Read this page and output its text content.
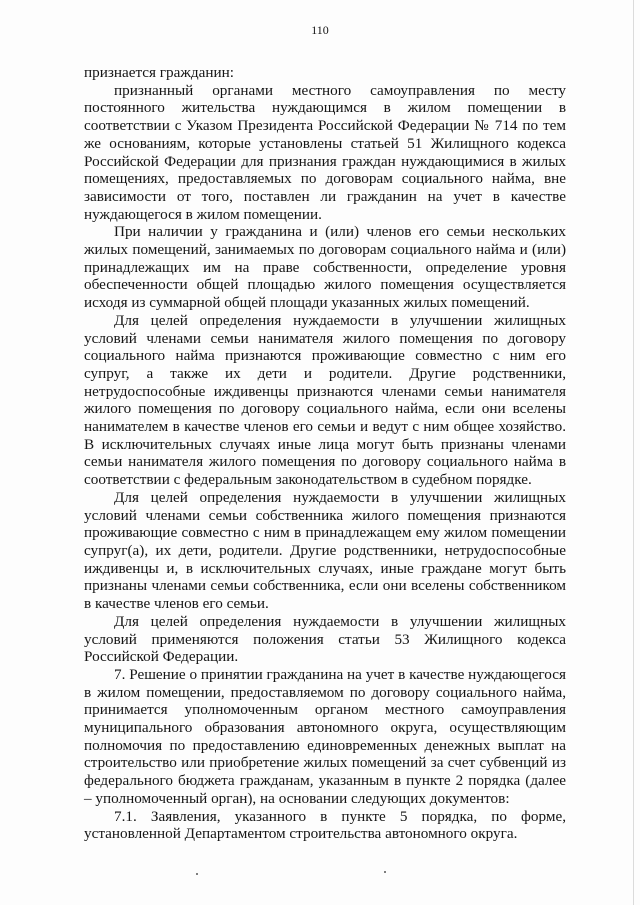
110

признается гражданин:

признанный органами местного самоуправления по месту постоянного жительства нуждающимся в жилом помещении в соответствии с Указом Президента Российской Федерации № 714 по тем же основаниям, которые установлены статьей 51 Жилищного кодекса Российской Федерации для признания граждан нуждающимися в жилых помещениях, предоставляемых по договорам социального найма, вне зависимости от того, поставлен ли гражданин на учет в качестве нуждающегося в жилом помещении.

При наличии у гражданина и (или) членов его семьи нескольких жилых помещений, занимаемых по договорам социального найма и (или) принадлежащих им на праве собственности, определение уровня обеспеченности общей площадью жилого помещения осуществляется исходя из суммарной общей площади указанных жилых помещений.

Для целей определения нуждаемости в улучшении жилищных условий членами семьи нанимателя жилого помещения по договору социального найма признаются проживающие совместно с ним его супруг, а также их дети и родители. Другие родственники, нетрудоспособные иждивенцы признаются членами семьи нанимателя жилого помещения по договору социального найма, если они вселены нанимателем в качестве членов его семьи и ведут с ним общее хозяйство. В исключительных случаях иные лица могут быть признаны членами семьи нанимателя жилого помещения по договору социального найма в соответствии с федеральным законодательством в судебном порядке.

Для целей определения нуждаемости в улучшении жилищных условий членами семьи собственника жилого помещения признаются проживающие совместно с ним в принадлежащем ему жилом помещении супруг(а), их дети, родители. Другие родственники, нетрудоспособные иждивенцы и, в исключительных случаях, иные граждане могут быть признаны членами семьи собственника, если они вселены собственником в качестве членов его семьи.

Для целей определения нуждаемости в улучшении жилищных условий применяются положения статьи 53 Жилищного кодекса Российской Федерации.

7. Решение о принятии гражданина на учет в качестве нуждающегося в жилом помещении, предоставляемом по договору социального найма, принимается уполномоченным органом местного самоуправления муниципального образования автономного округа, осуществляющим полномочия по предоставлению единовременных денежных выплат на строительство или приобретение жилых помещений за счет субвенций из федерального бюджета гражданам, указанным в пункте 2 порядка (далее – уполномоченный орган), на основании следующих документов:

7.1. Заявления, указанного в пункте 5 порядка, по форме, установленной Департаментом строительства автономного округа.
